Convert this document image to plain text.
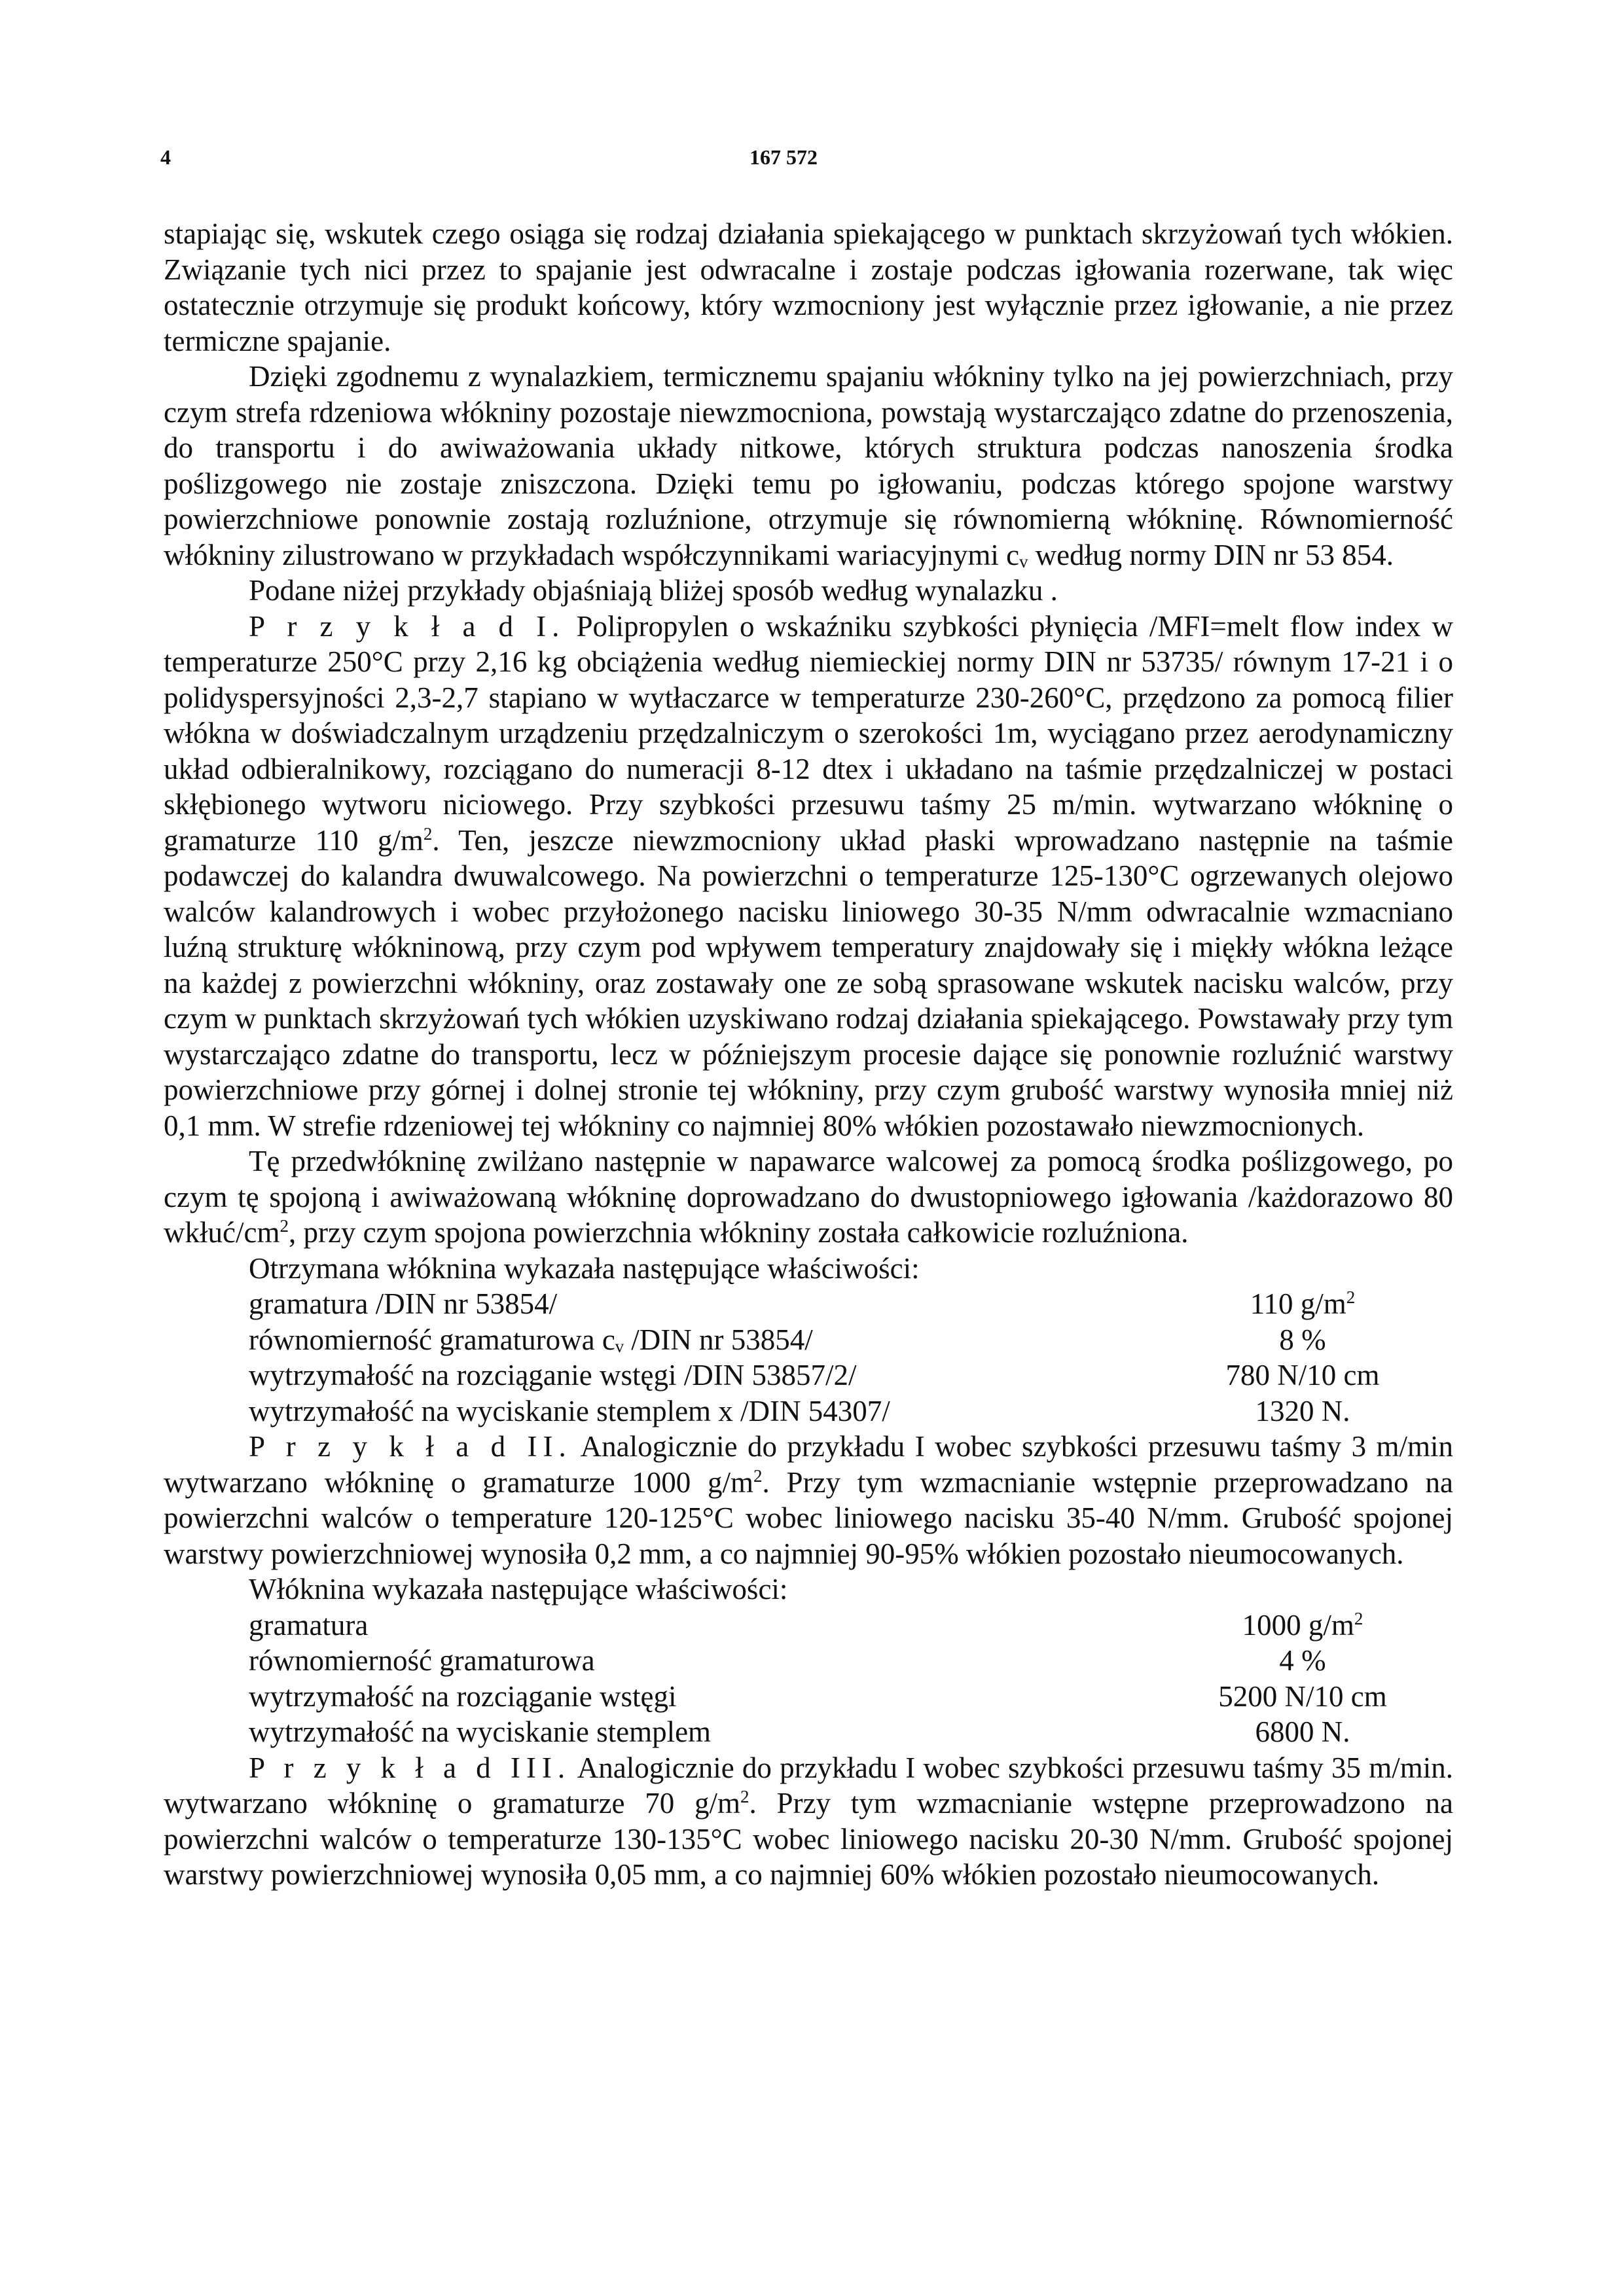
4	167 572

stapiając się, wskutek czego osiąga się rodzaj działania spiekającego w punktach skrzyżowań tych włókien. Związanie tych nici przez to spajanie jest odwracalne i zostaje podczas igłowania rozerwane, tak więc ostatecznie otrzymuje się produkt końcowy, który wzmocniony jest wyłącznie przez igłowanie, a nie przez termiczne spajanie.

Dzięki zgodnemu z wynalazkiem, termicznemu spajaniu włókniny tylko na jej powierzchniach, przy czym strefa rdzeniowa włókniny pozostaje niewzmocniona, powstają wystarczająco zdatne do przenoszenia, do transportu i do awiważowania układy nitkowe, których struktura podczas nanoszenia środka poślizgowego nie zostaje zniszczona. Dzięki temu po igłowaniu, podczas którego spojone warstwy powierzchniowe ponownie zostają rozluźnione, otrzymuje się równomierną włókninę. Równomierność włókniny zilustrowano w przykładach współczynnikami wariacyjnymi cᵥ według normy DIN nr 53 854.

Podane niżej przykłady objaśniają bliżej sposób według wynalazku .

P r z y k ł a d I. Polipropylen o wskaźniku szybkości płynięcia /MFI=melt flow index w temperaturze 250°C przy 2,16 kg obciążenia według niemieckiej normy DIN nr 53735/ równym 17-21 i o polidyspersyjności 2,3-2,7 stapiano w wytłaczarce w temperaturze 230-260°C, przędzono za pomocą filier włókna w doświadczalnym urządzeniu przędzalniczym o szerokości 1m, wyciągano przez aerodynamiczny układ odbieralnikowy, rozciągano do numeracji 8-12 dtex i układano na taśmie przędzalniczej w postaci skłębionego wytworu niciowego. Przy szybkości przesuwu taśmy 25 m/min. wytwarzano włókninę o gramaturze 110 $g/m^2$. Ten, jeszcze niewzmocniony układ płaski wprowadzano następnie na taśmie podawczej do kalandra dwuwalcowego. Na powierzchni o temperaturze 125-130°C ogrzewanych olejowo walców kalandrowych i wobec przyłożonego nacisku liniowego 30-35 N/mm odwracalnie wzmacniano luźną strukturę włókninową, przy czym pod wpływem temperatury znajdowały się i miękły włókna leżące na każdej z powierzchni włókniny, oraz zostawały one ze sobą sprasowane wskutek nacisku walców, przy czym w punktach skrzyżowań tych włókien uzyskiwano rodzaj działania spiekającego. Powstawały przy tym wystarczająco zdatne do transportu, lecz w późniejszym procesie dające się ponownie rozluźnić warstwy powierzchniowe przy górnej i dolnej stronie tej włókniny, przy czym grubość warstwy wynosiła mniej niż 0,1 mm. W strefie rdzeniowej tej włókniny co najmniej 80% włókien pozostawało niewzmocnionych.

Tę przedwłókninę zwilżano następnie w napawarce walcowej za pomocą środka poślizgowego, po czym tę spojoną i awiważowaną włókninę doprowadzano do dwustopniowego igłowania /każdorazowo 80 wkłuć/$cm^2$, przy czym spojona powierzchnia włókniny została całkowicie rozluźniona.

Otrzymana włóknina wykazała następujące właściwości:

gramatura /DIN nr 53854/	110 $g/m^2$
równomierność gramaturowa cᵥ /DIN nr 53854/	8 %
wytrzymałość na rozciąganie wstęgi /DIN 53857/2/	780 N/10 cm
wytrzymałość na wyciskanie stemplem x /DIN 54307/	1320 N.

P r z y k ł a d II. Analogicznie do przykładu I wobec szybkości przesuwu taśmy 3 m/min wytwarzano włókninę o gramaturze 1000 $g/m^2$. Przy tym wzmacnianie wstępnie przeprowadzano na powierzchni walców o temperature 120-125°C wobec liniowego nacisku 35-40 N/mm. Grubość spojonej warstwy powierzchniowej wynosiła 0,2 mm, a co najmniej 90-95% włókien pozostało nieumocowanych.

Włóknina wykazała następujące właściwości:

gramatura	1000 $g/m^2$
równomierność gramaturowa	4 %
wytrzymałość na rozciąganie wstęgi	5200 N/10 cm
wytrzymałość na wyciskanie stemplem	6800 N.

P r z y k ł a d III. Analogicznie do przykładu I wobec szybkości przesuwu taśmy 35 m/min. wytwarzano włókninę o gramaturze 70 $g/m^2$. Przy tym wzmacnianie wstępne przeprowadzono na powierzchni walców o temperaturze 130-135°C wobec liniowego nacisku 20-30 N/mm. Grubość spojonej warstwy powierzchniowej wynosiła 0,05 mm, a co najmniej 60% włókien pozostało nieumocowanych.
